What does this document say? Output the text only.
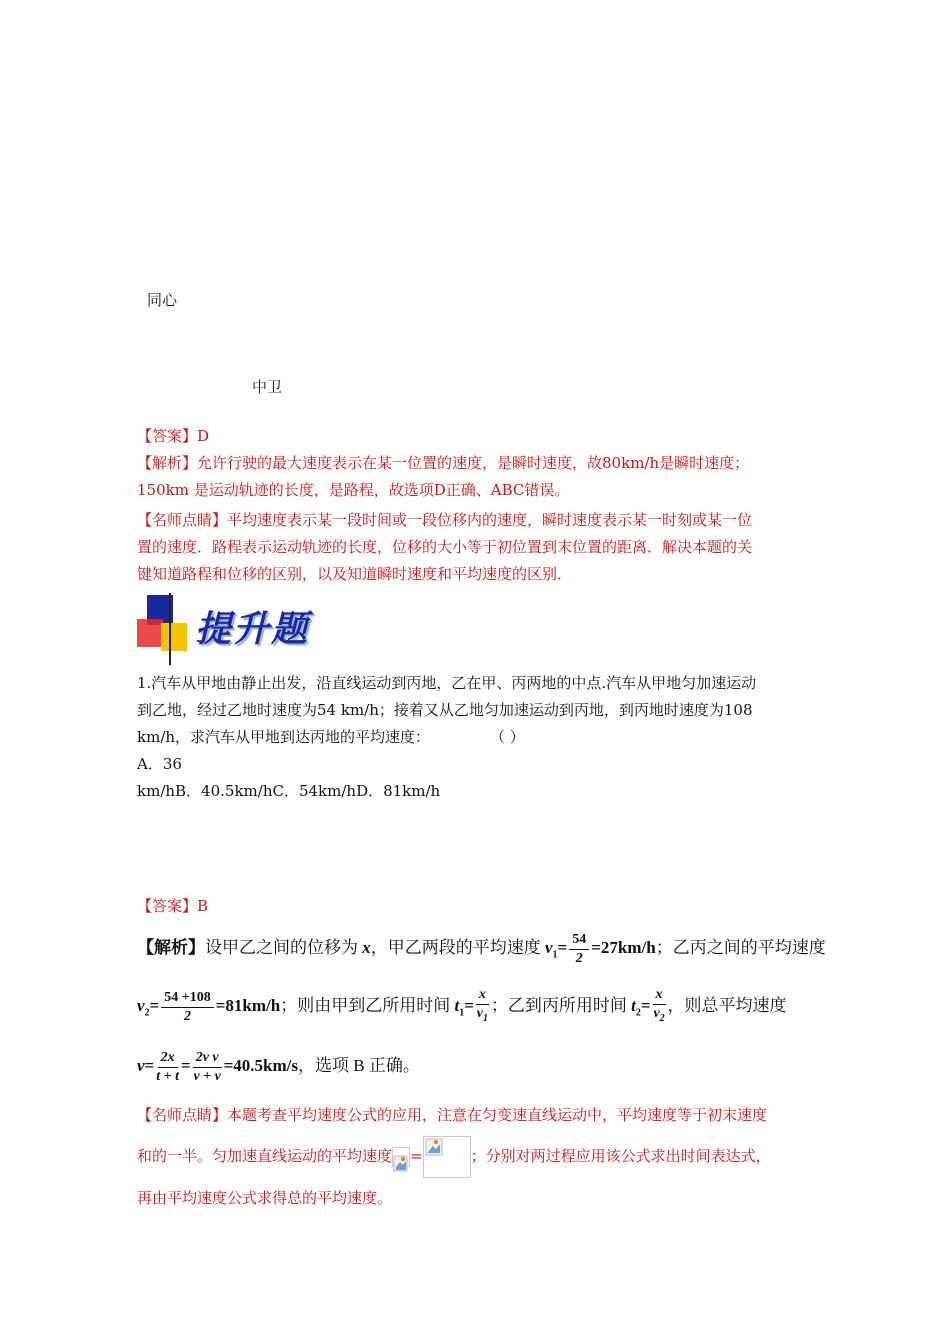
同心
中卫
【答案】D
【解析】允许行驶的最大速度表示在某一位置的速度，是瞬时速度，故80km/h是瞬时速度；
150km 是运动轨迹的长度，是路程，故选项D正确、ABC错误。
【名师点睛】平均速度表示某一段时间或一段位移内的速度，瞬时速度表示某一时刻或某一位
置的速度．路程表示运动轨迹的长度，位移的大小等于初位置到末位置的距离．解决本题的关
键知道路程和位移的区别，以及知道瞬时速度和平均速度的区别．
提升题
1.汽车从甲地由静止出发，沿直线运动到丙地，乙在甲、丙两地的中点.汽车从甲地匀加速运动
到乙地，经过乙地时速度为54 km/h；接着又从乙地匀加速运动到丙地，到丙地时速度为108
km/h，求汽车从甲地到达丙地的平均速度：	（ ）
A．36
km/hB．40.5km/hC．54km/hD．81km/h
【答案】B
【解析】设甲乙之间的位移为 x，甲乙两段的平均速度 $v_1= \frac{54}{2} =27km/h$；乙丙之间的平均速度
$v_2= \frac{54 +108}{2} =81km/h$；则由甲到乙所用时间 $t_1= \frac{x}{v_1}$ ；乙到丙所用时间 $t_2= \frac{x}{v_2}$ ，则总平均速度
$v= \frac{2x}{t + t} = \frac{\text{2v v}}{v + v} =40.5km/s$，选项 B 正确。
【名师点睛】本题考查平均速度公式的应用，注意在匀变速直线运动中，平均速度等于初末速度
和的一半。匀加速直线运动的平均速度 =	；分别对两过程应用该公式求出时间表达式，
再由平均速度公式求得总的平均速度。
